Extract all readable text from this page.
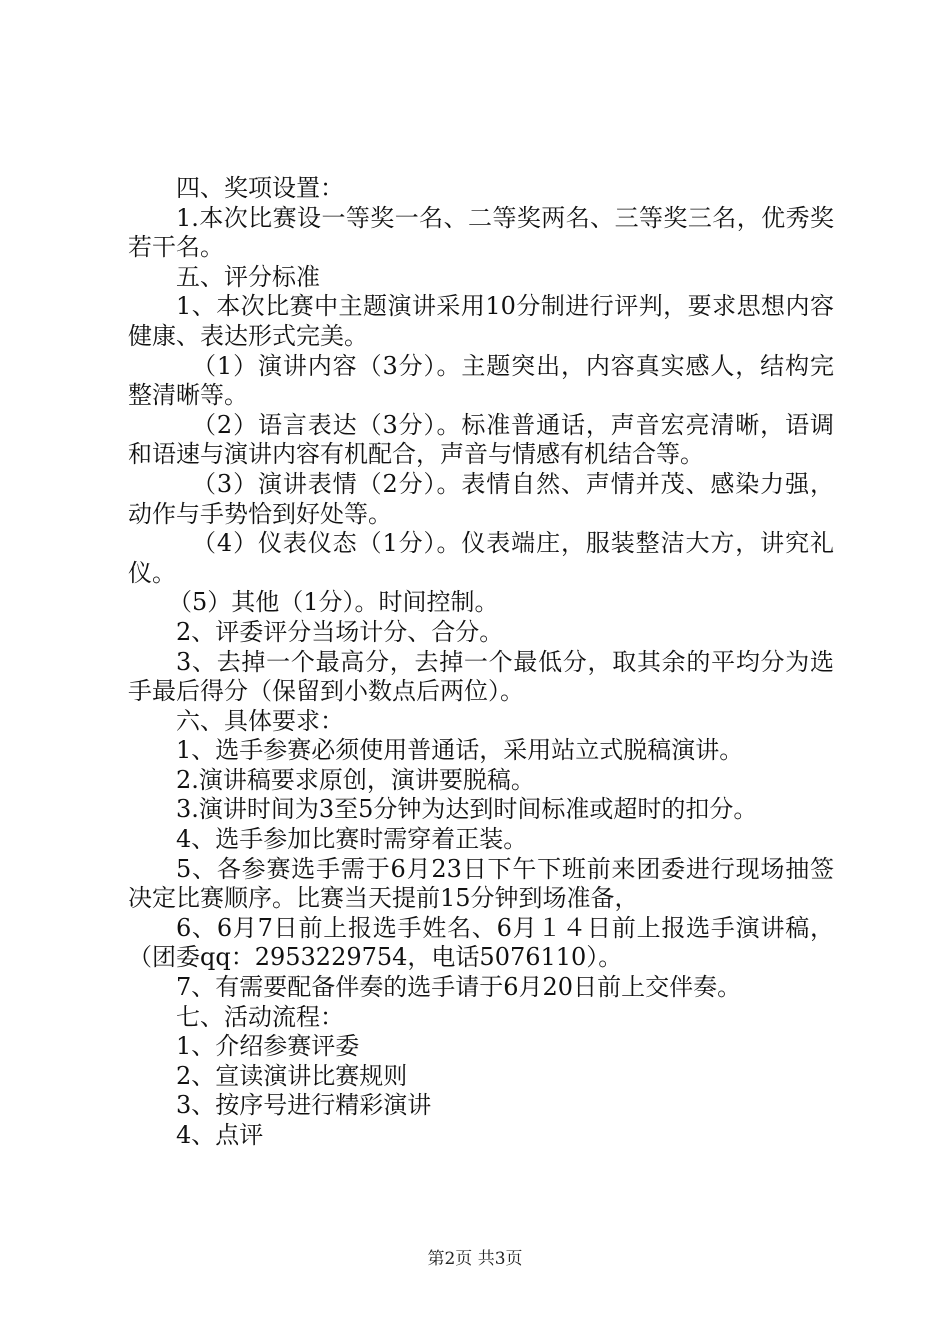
四、奖项设置：

1.本次比赛设一等奖一名、二等奖两名、三等奖三名，优秀奖若干名。

五、评分标准

1、本次比赛中主题演讲采用10分制进行评判，要求思想内容健康、表达形式完美。

（1）演讲内容（3分）。主题突出，内容真实感人，结构完整清晰等。

（2）语言表达（3分）。标准普通话，声音宏亮清晰，语调和语速与演讲内容有机配合，声音与情感有机结合等。

（3）演讲表情（2分）。表情自然、声情并茂、感染力强，动作与手势恰到好处等。

（4）仪表仪态（1分）。仪表端庄，服装整洁大方，讲究礼仪。

（5）其他（1分）。时间控制。

2、评委评分当场计分、合分。

3、去掉一个最高分，去掉一个最低分，取其余的平均分为选手最后得分（保留到小数点后两位）。

六、具体要求：

1、选手参赛必须使用普通话，采用站立式脱稿演讲。

2.演讲稿要求原创，演讲要脱稿。

3.演讲时间为3至5分钟为达到时间标准或超时的扣分。

4、选手参加比赛时需穿着正装。

5、各参赛选手需于6月23日下午下班前来团委进行现场抽签决定比赛顺序。比赛当天提前15分钟到场准备，

6、6月7日前上报选手姓名、6月１４日前上报选手演讲稿，（团委qq：2953229754，电话5076110）。

7、有需要配备伴奏的选手请于6月20日前上交伴奏。

七、活动流程：

1、介绍参赛评委

2、宣读演讲比赛规则

3、按序号进行精彩演讲

4、点评

第2页 共3页
